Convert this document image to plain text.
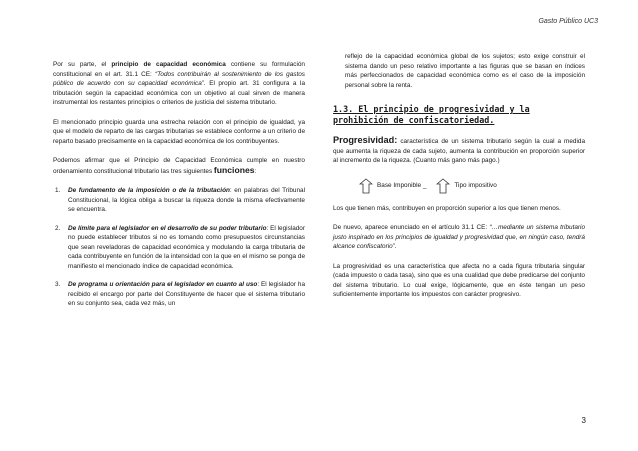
Gasto Público UC3

Por su parte, el principio de capacidad económica contiene su formulación constitucional en el art. 31.1 CE: “Todos contribuirán al sostenimiento de los gastos público de acuerdo con su capacidad económica”. El propio art. 31 configura a la tributación según la capacidad económica con un objetivo al cual sirven de manera instrumental los restantes principios o criterios de justicia del sistema tributario.

El mencionado principio guarda una estrecha relación con el principio de igualdad, ya que el modelo de reparto de las cargas tributarias se establece conforme a un criterio de reparto basado precisamente en la capacidad económica de los contribuyentes.

Podemos afirmar que el Principio de Capacidad Económica cumple en nuestro ordenamiento constitucional tributario las tres siguientes funciones:

1. De fundamento de la imposición o de la tributación: en palabras del Tribunal Constitucional, la lógica obliga a buscar la riqueza donde la misma efectivamente se encuentra.
2. De límite para el legislador en el desarrollo de su poder tributario: El legislador no puede establecer tributos si no es tomando como presupuestos circunstancias que sean reveladoras de capacidad económica y modulando la carga tributaria de cada contribuyente en función de la intensidad con la que en el mismo se ponga de manifiesto el mencionado índice de capacidad económica.
3. De programa u orientación para el legislador en cuanto al uso: El legislador ha recibido el encargo por parte del Constituyente de hacer que el sistema tributario en su conjunto sea, cada vez más, un
reflejo de la capacidad económica global de los sujetos; esto exige construir el sistema dando un peso relativo importante a las figuras que se basan en índices más perfeccionados de capacidad económica como es el caso de la imposición personal sobre la renta.
1.3. El principio de progresividad y la prohibición de confiscatoriedad.

Progresividad: característica de un sistema tributario según la cual a medida que aumenta la riqueza de cada sujeto, aumenta la contribución en proporción superior al incremento de la riqueza. (Cuanto más gano más pago.)

Base Imponible _	Tipo impositivo

Los que tienen más, contribuyen en proporción superior a los que tienen menos.

De nuevo, aparece enunciado en el artículo 31.1 CE: “…mediante un sistema tributario justo inspirado en los principios de igualdad y progresividad que, en ningún caso, tendrá alcance confiscatorio”.

La progresividad es una característica que afecta no a cada figura tributaria singular (cada impuesto o cada tasa), sino que es una cualidad que debe predicarse del conjunto del sistema tributario. Lo cual exige, lógicamente, que en éste tengan un peso suficientemente importante los impuestos con carácter progresivo.

3
